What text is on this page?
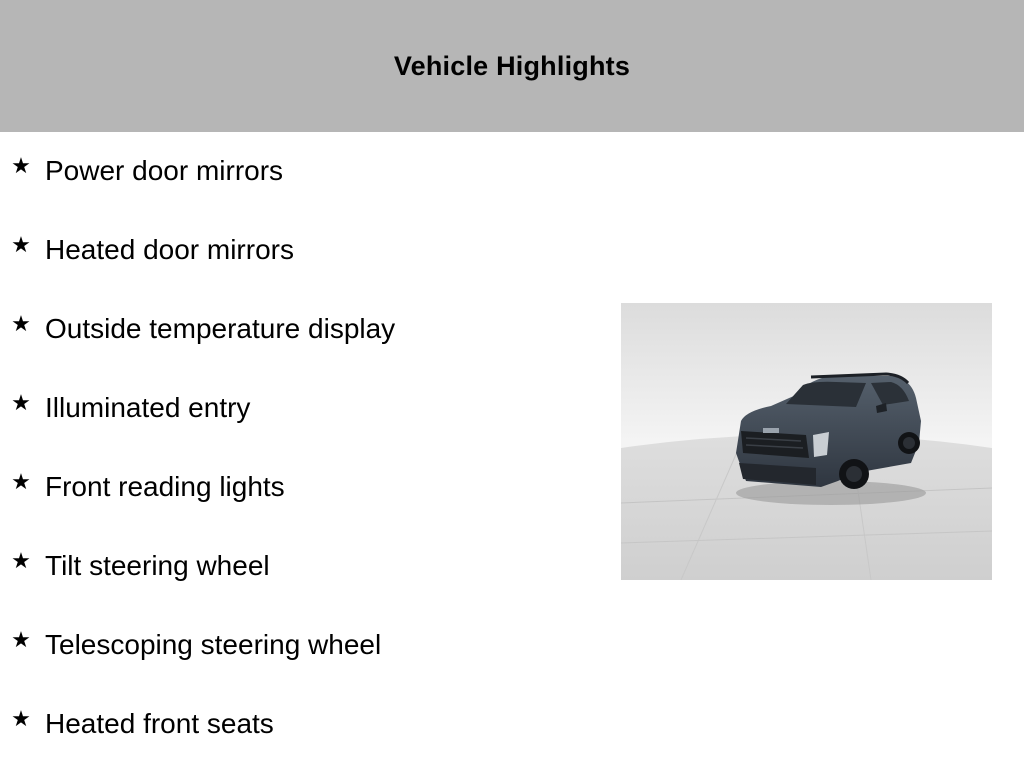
Vehicle Highlights
★ Power door mirrors
★ Heated door mirrors
★ Outside temperature display
★ Illuminated entry
★ Front reading lights
★ Tilt steering wheel
★ Telescoping steering wheel
★ Heated front seats
